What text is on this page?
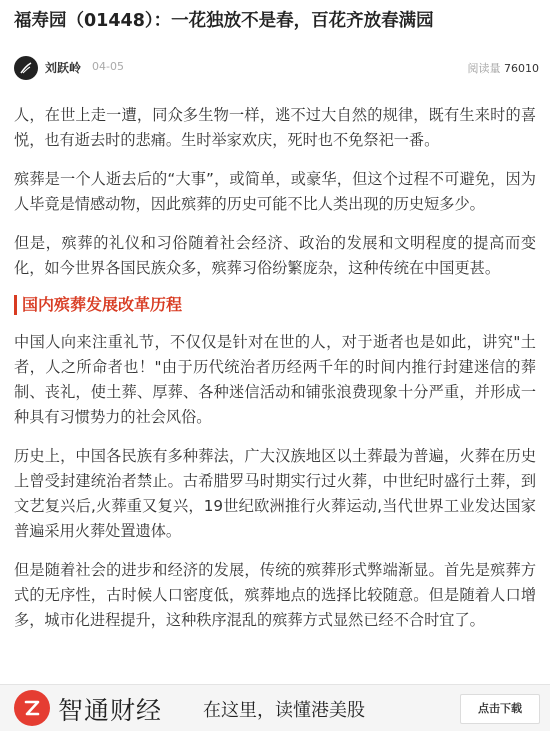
福寿园（01448）：一花独放不是春，百花齐放春满园
刘跃岭 04-05	阅读量 76010

人，在世上走一遭，同众多生物一样，逃不过大自然的规律，既有生来时的喜悦，也有逝去时的悲痛。生时举家欢庆，死时也不免祭祀一番。

殡葬是一个人逝去后的“大事”，或简单，或豪华，但这个过程不可避免，因为人毕竟是情感动物，因此殡葬的历史可能不比人类出现的历史短多少。

但是，殡葬的礼仪和习俗随着社会经济、政治的发展和文明程度的提高而变化，如今世界各国民族众多，殡葬习俗纷繁庞杂，这种传统在中国更甚。

国内殡葬发展改革历程

中国人向来注重礼节，不仅仅是针对在世的人，对于逝者也是如此，讲究"土者，人之所命者也！"由于历代统治者历经两千年的时间内推行封建迷信的葬制、丧礼，使土葬、厚葬、各种迷信活动和铺张浪费现象十分严重，并形成一种具有习惯势力的社会风俗。

历史上，中国各民族有多种葬法，广大汉族地区以土葬最为普遍，火葬在历史上曾受封建统治者禁止。古希腊罗马时期实行过火葬，中世纪时盛行土葬，到文艺复兴后,火葬重又复兴，19世纪欧洲推行火葬运动,当代世界工业发达国家普遍采用火葬处置遗体。

但是随着社会的进步和经济的发展，传统的殡葬形式弊端渐显。首先是殡葬方式的无序性，古时候人口密度低，殡葬地点的选择比较随意。但是随着人口增多，城市化进程提升，这种秩序混乱的殡葬方式显然已经不合时宜了。

智通财经 在这里，读懂港美股	点击下载
